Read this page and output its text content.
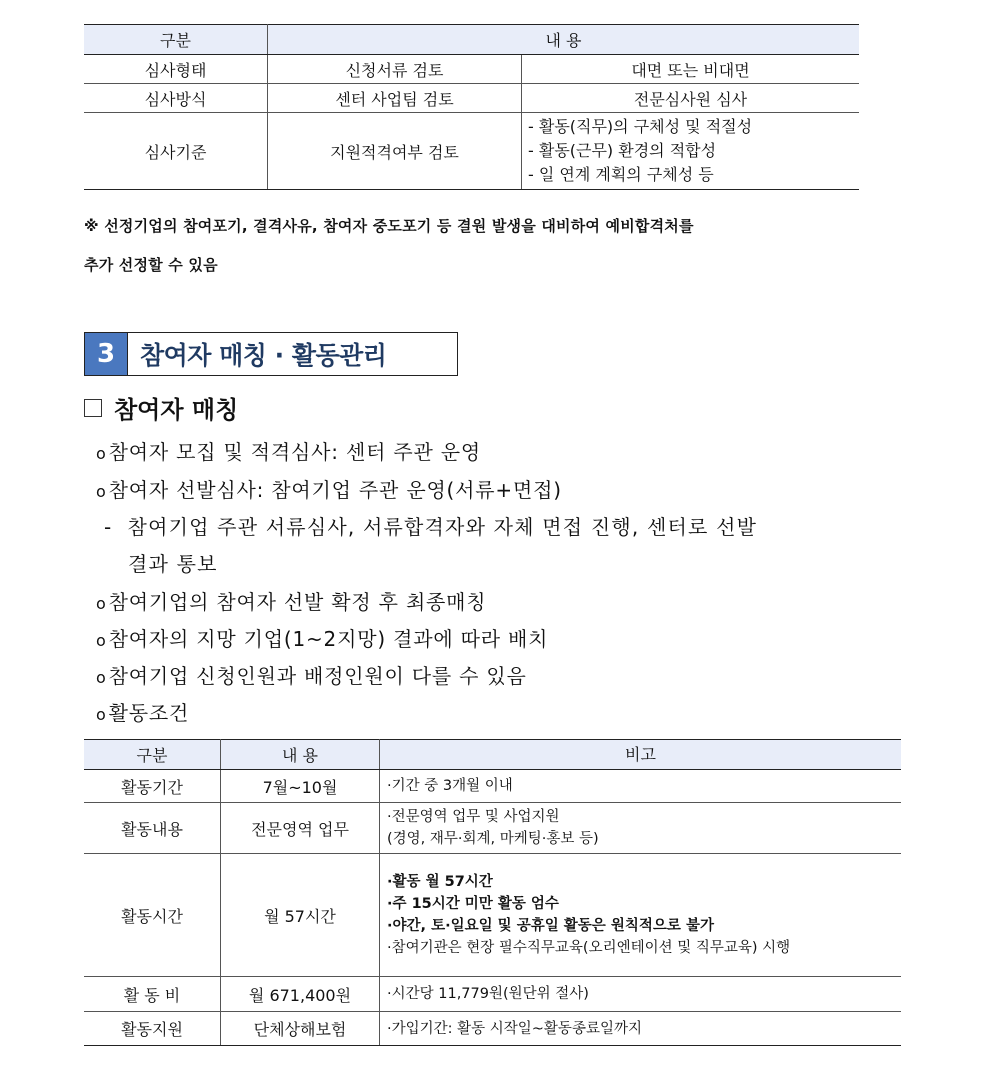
구분	내 용	
심사형태	신청서류 검토	대면 또는 비대면
심사방식	센터 사업팀 검토	전문심사원 심사
심사기준	지원적격여부 검토	- 활동(직무)의 구체성 및 적절성
- 활동(근무) 환경의 적합성
- 일 연계 계획의 구체성 등
※ 선정기업의 참여포기, 결격사유, 참여자 중도포기 등 결원 발생을 대비하여 예비합격처를
추가 선정할 수 있음
3 참여자 매칭 · 활동관리
참여자 매칭
o 참여자 모집 및 적격심사: 센터 주관 운영
o 참여자 선발심사: 참여기업 주관 운영(서류+면접)
- 참여기업 주관 서류심사, 서류합격자와 자체 면접 진행, 센터로 선발
결과 통보
o 참여기업의 참여자 선발 확정 후 최종매칭
o 참여자의 지망 기업(1~2지망) 결과에 따라 배치
o 참여기업 신청인원과 배정인원이 다를 수 있음
o 활동조건
구분	내 용	비고
활동기간	7월~10월	·기간 중 3개월 이내
활동내용	전문영역 업무	·전문영역 업무 및 사업지원
(경영, 재무·회계, 마케팅·홍보 등)

활동시간	월 57시간	·활동 월 57시간
·주 15시간 미만 활동 엄수
·야간, 토·일요일 및 공휴일 활동은 원칙적으로 불가
·참여기관은 현장 필수직무교육(오리엔테이션 및 직무교육) 시행

활 동 비	월 671,400원	·시간당 11,779원(원단위 절사)
활동지원	단체상해보험	·가입기간: 활동 시작일~활동종료일까지
